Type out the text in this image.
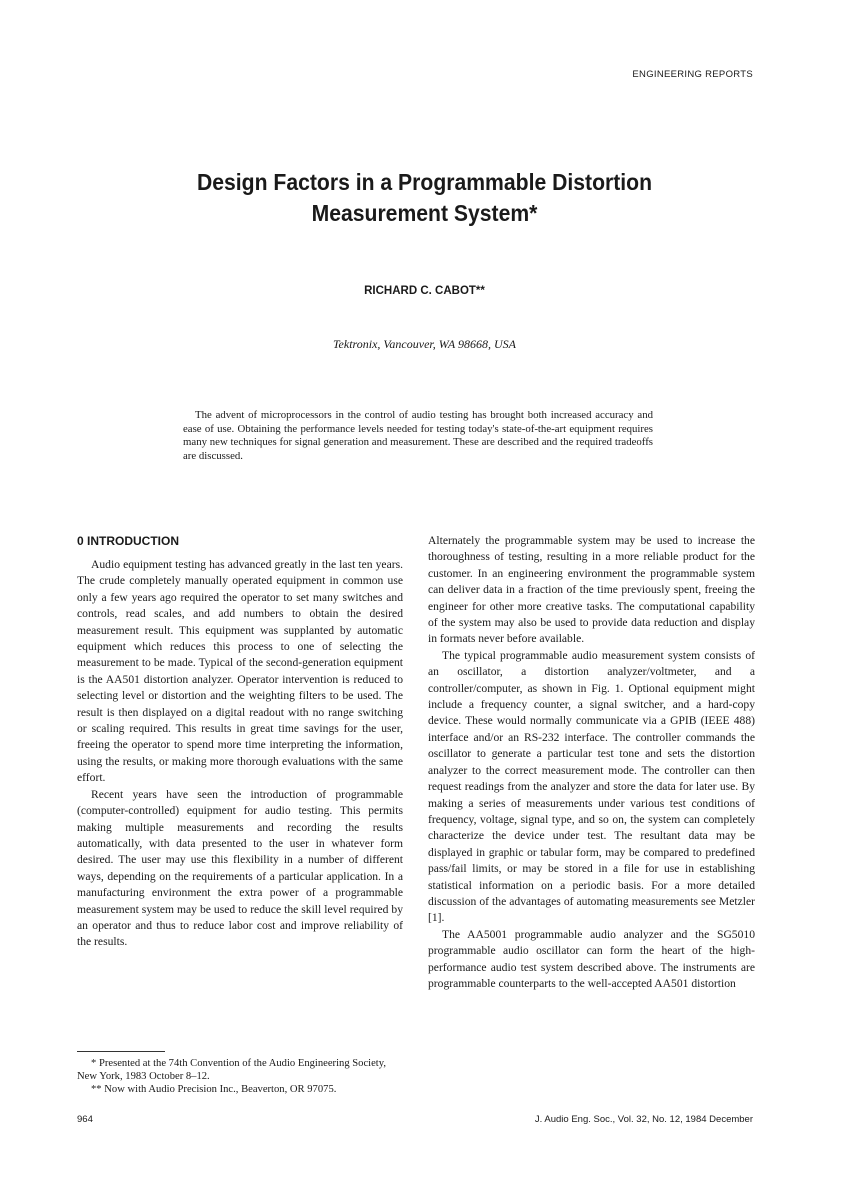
ENGINEERING REPORTS
Design Factors in a Programmable Distortion
Measurement System*
RICHARD C. CABOT**
Tektronix, Vancouver, WA 98668, USA
The advent of microprocessors in the control of audio testing has brought both increased accuracy and ease of use. Obtaining the performance levels needed for testing today's state-of-the-art equipment requires many new techniques for signal generation and measurement. These are described and the required tradeoffs are discussed.
0 INTRODUCTION

Audio equipment testing has advanced greatly in the last ten years. The crude completely manually operated equipment in common use only a few years ago required the operator to set many switches and controls, read scales, and add numbers to obtain the desired measurement result. This equipment was supplanted by automatic equipment which reduces this process to one of selecting the measurement to be made. Typical of the second-generation equipment is the AA501 distortion analyzer. Operator intervention is reduced to selecting level or distortion and the weighting filters to be used. The result is then displayed on a digital readout with no range switching or scaling required. This results in great time savings for the user, freeing the operator to spend more time interpreting the information, using the results, or making more thorough evaluations with the same effort.

Recent years have seen the introduction of programmable (computer-controlled) equipment for audio testing. This permits making multiple measurements and recording the results automatically, with data presented to the user in whatever form desired. The user may use this flexibility in a number of different ways, depending on the requirements of a particular application. In a manufacturing environment the extra power of a programmable measurement system may be used to reduce the skill level required by an operator and thus to reduce labor cost and improve reliability of the results.

Alternately the programmable system may be used to increase the thoroughness of testing, resulting in a more reliable product for the customer. In an engineering environment the programmable system can deliver data in a fraction of the time previously spent, freeing the engineer for other more creative tasks. The computational capability of the system may also be used to provide data reduction and display in formats never before available.

The typical programmable audio measurement system consists of an oscillator, a distortion analyzer/voltmeter, and a controller/computer, as shown in Fig. 1. Optional equipment might include a frequency counter, a signal switcher, and a hard-copy device. These would normally communicate via a GPIB (IEEE 488) interface and/or an RS-232 interface. The controller commands the oscillator to generate a particular test tone and sets the distortion analyzer to the correct measurement mode. The controller can then request readings from the analyzer and store the data for later use. By making a series of measurements under various test conditions of frequency, voltage, signal type, and so on, the system can completely characterize the device under test. The resultant data may be displayed in graphic or tabular form, may be compared to predefined pass/fail limits, or may be stored in a file for use in establishing statistical information on a periodic basis. For a more detailed discussion of the advantages of automating measurements see Metzler [1].

The AA5001 programmable audio analyzer and the SG5010 programmable audio oscillator can form the heart of the high-performance audio test system described above. The instruments are programmable counterparts to the well-accepted AA501 distortion

* Presented at the 74th Convention of the Audio Engineering Society, New York, 1983 October 8–12.

** Now with Audio Precision Inc., Beaverton, OR 97075.

964	J. Audio Eng. Soc., Vol. 32, No. 12, 1984 December
